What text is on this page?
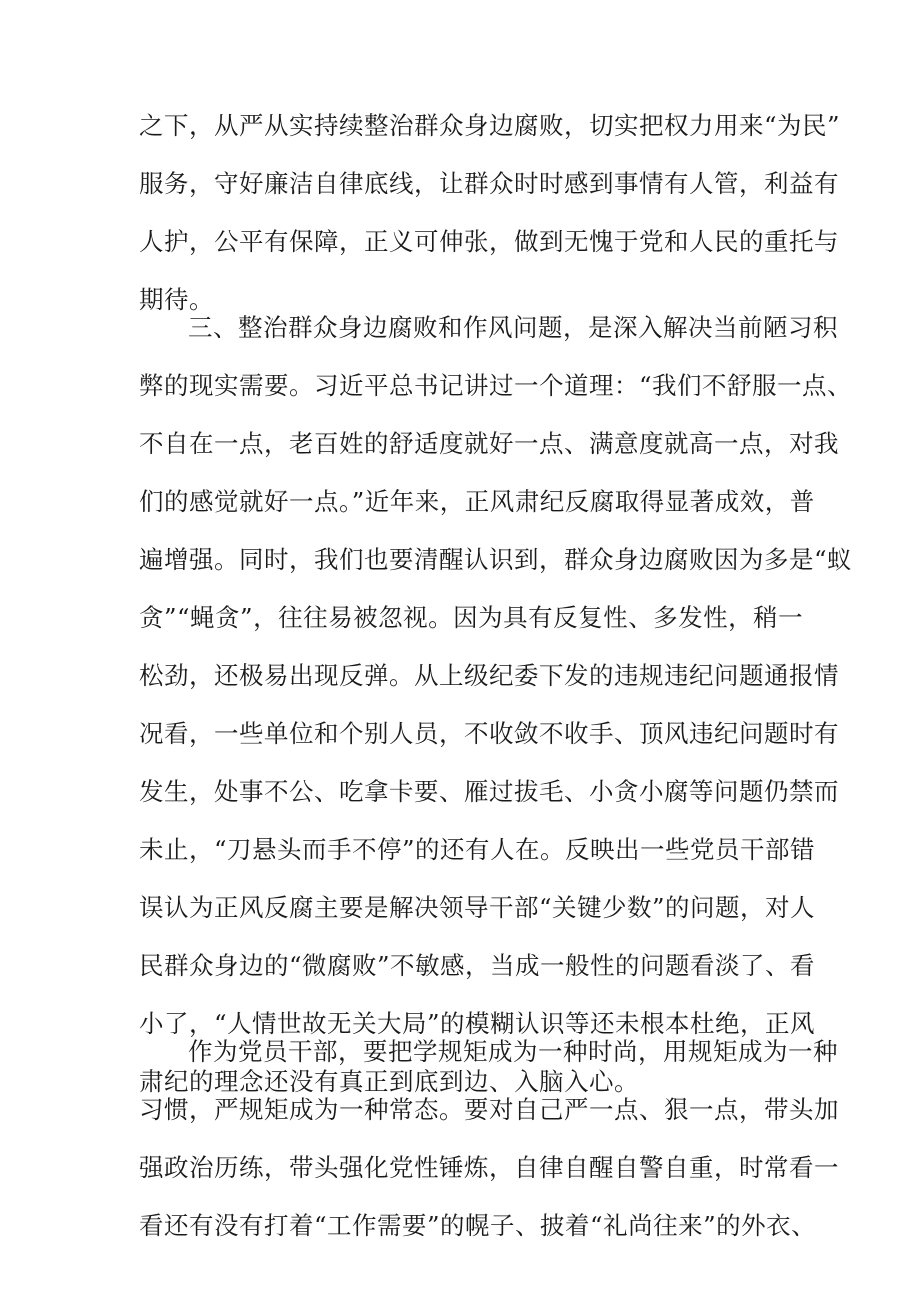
之下，从严从实持续整治群众身边腐败，切实把权力用来“为民”
服务，守好廉洁自律底线，让群众时时感到事情有人管，利益有
人护，公平有保障，正义可伸张，做到无愧于党和人民的重托与
期待。
三、整治群众身边腐败和作风问题，是深入解决当前陋习积
弊的现实需要。习近平总书记讲过一个道理：“我们不舒服一点、
不自在一点，老百姓的舒适度就好一点、满意度就高一点，对我
们的感觉就好一点。”近年来，正风肃纪反腐取得显著成效，普
遍增强。同时，我们也要清醒认识到，群众身边腐败因为多是“蚁
贪”“蝇贪”，往往易被忽视。因为具有反复性、多发性，稍一
松劲，还极易出现反弹。从上级纪委下发的违规违纪问题通报情
况看，一些单位和个别人员，不收敛不收手、顶风违纪问题时有
发生，处事不公、吃拿卡要、雁过拔毛、小贪小腐等问题仍禁而
未止，“刀悬头而手不停”的还有人在。反映出一些党员干部错
误认为正风反腐主要是解决领导干部“关键少数”的问题，对人
民群众身边的“微腐败”不敏感，当成一般性的问题看淡了、看
小了，“人情世故无关大局”的模糊认识等还未根本杜绝，正风
肃纪的理念还没有真正到底到边、入脑入心。
作为党员干部，要把学规矩成为一种时尚，用规矩成为一种
习惯，严规矩成为一种常态。要对自己严一点、狠一点，带头加
强政治历练，带头强化党性锤炼，自律自醒自警自重，时常看一
看还有没有打着“工作需要”的幌子、披着“礼尚往来”的外衣、
